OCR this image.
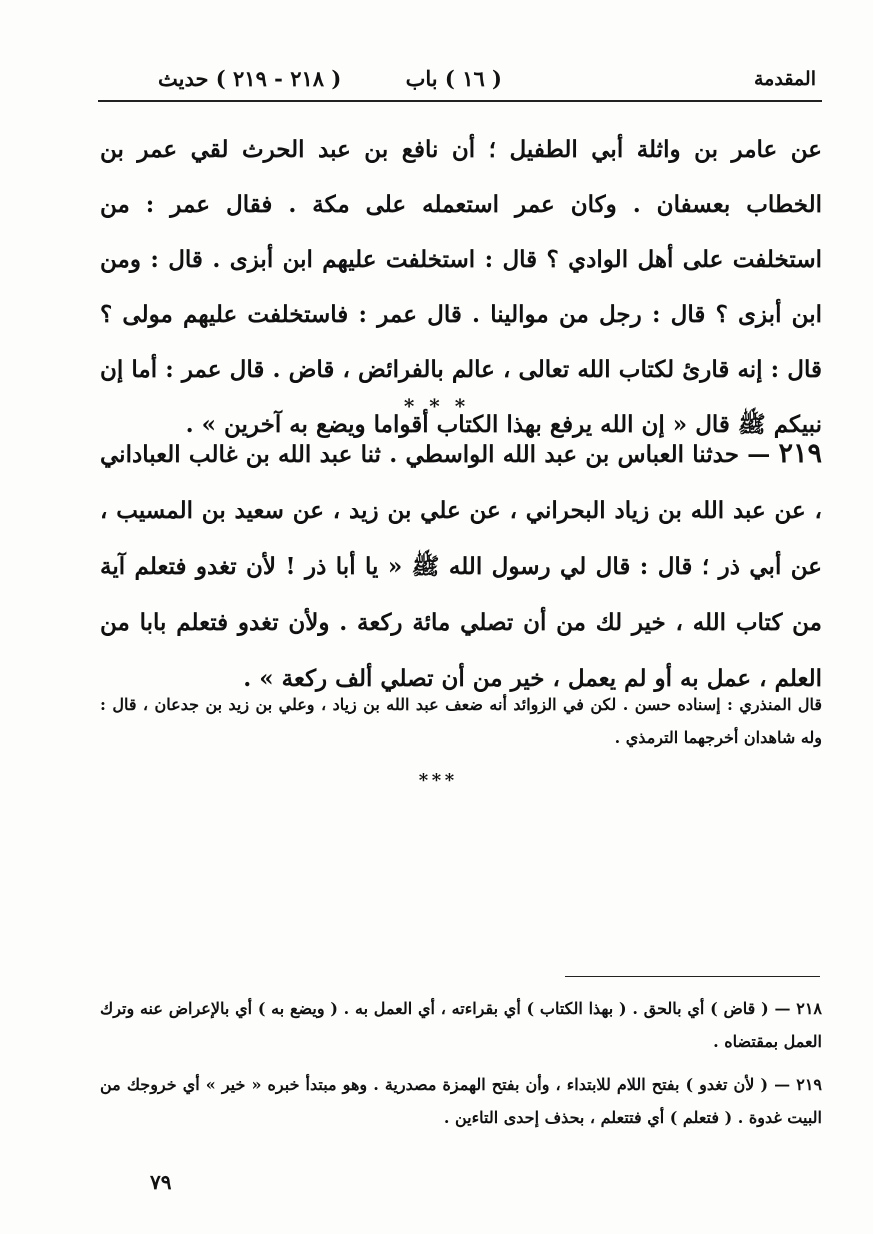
المقدمة
( ١٦ ) باب
( ٢١٨ - ٢١٩ ) حديث

عن عامر بن واثلة أبي الطفيل ؛ أن نافع بن عبد الحرث لقي عمر بن الخطاب بعسفان . وكان عمر استعمله على مكة . فقال عمر : من استخلفت على أهل الوادي ؟ قال : استخلفت عليهم ابن أبزى . قال : ومن ابن أبزى ؟ قال : رجل من موالينا . قال عمر : فاستخلفت عليهم مولى ؟ قال : إنه قارئ لكتاب الله تعالى ، عالم بالفرائض ، قاض . قال عمر : أما إن نبيكم ﷺ قال « إن الله يرفع بهذا الكتاب أقواما ويضع به آخرين » .

* * *
٢١٩ — حدثنا العباس بن عبد الله الواسطي . ثنا عبد الله بن غالب العباداني ، عن عبد الله بن زياد البحراني ، عن علي بن زيد ، عن سعيد بن المسيب ، عن أبي ذر ؛ قال : قال لي رسول الله ﷺ « يا أبا ذر ! لأن تغدو فتعلم آية من كتاب الله ، خير لك من أن تصلي مائة ركعة . ولأن تغدو فتعلم بابا من العلم ، عمل به أو لم يعمل ، خير من أن تصلي ألف ركعة » .
قال المنذري : إسناده حسن . لكن في الزوائد أنه ضعف عبد الله بن زياد ، وعلي بن زيد بن جدعان ، قال : وله شاهدان أخرجهما الترمذي .
* * *

٢١٨ — ( قاض ) أي بالحق . ( بهذا الكتاب ) أي بقراءته ، أي العمل به . ( ويضع به ) أي بالإعراض عنه وترك العمل بمقتضاه .

٢١٩ — ( لأن تغدو ) بفتح اللام للابتداء ، وأن بفتح الهمزة مصدرية . وهو مبتدأ خبره « خير » أي خروجك من البيت غدوة . ( فتعلم ) أي فتتعلم ، بحذف إحدى التاءين .

٧٩
